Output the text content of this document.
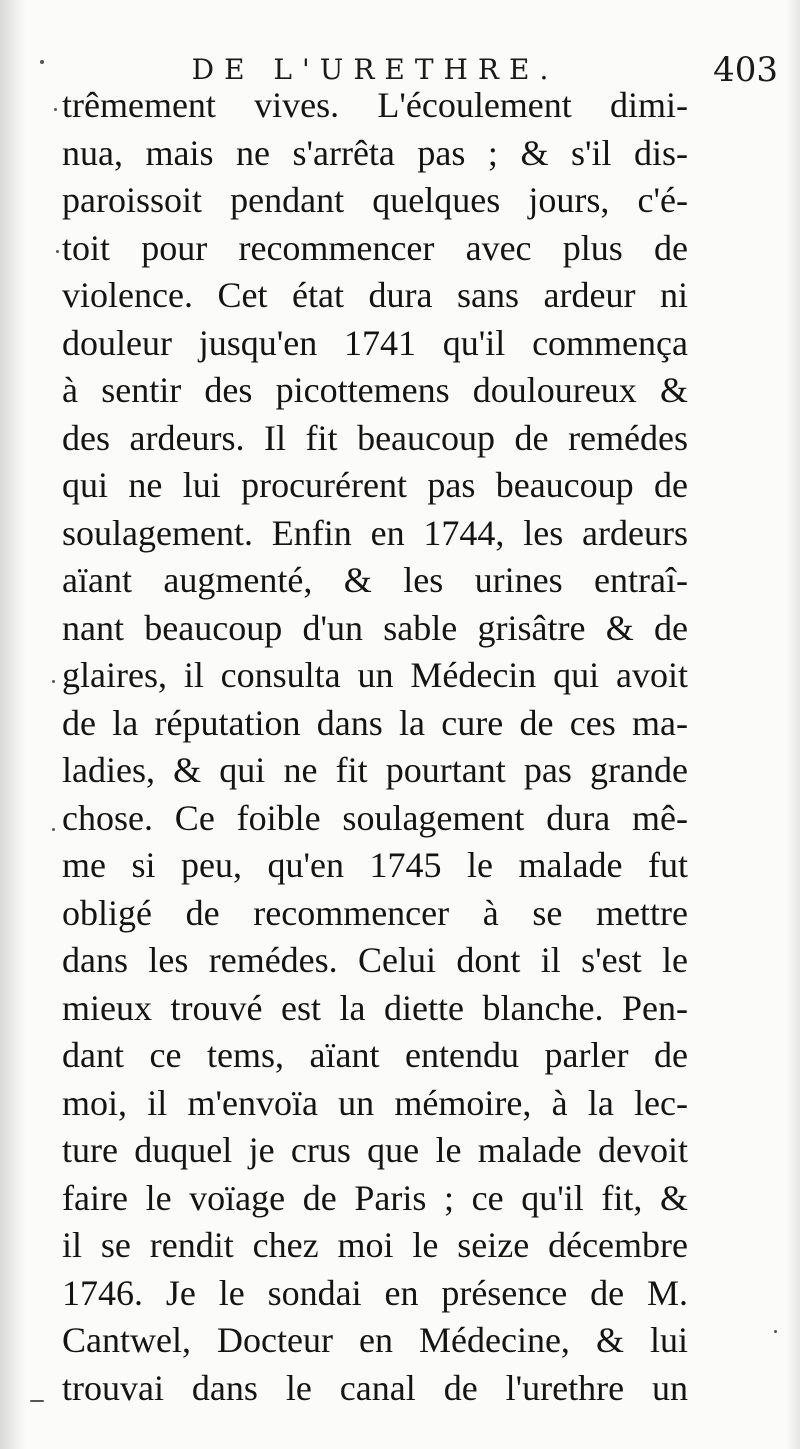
DE L'URETHRE.	403
trêmement vives. L'écoulement dimi-
nua, mais ne s'arrêta pas ; & s'il dis-
paroissoit pendant quelques jours, c'é-
toit pour recommencer avec plus de
violence. Cet état dura sans ardeur ni
douleur jusqu'en 1741 qu'il commença
à sentir des picottemens douloureux &
des ardeurs. Il fit beaucoup de remédes
qui ne lui procurérent pas beaucoup de
soulagement. Enfin en 1744, les ardeurs
aïant augmenté, & les urines entraî-
nant beaucoup d'un sable grisâtre & de
glaires, il consulta un Médecin qui avoit
de la réputation dans la cure de ces ma-
ladies, & qui ne fit pourtant pas grande
chose. Ce foible soulagement dura mê-
me si peu, qu'en 1745 le malade fut
obligé de recommencer à se mettre
dans les remédes. Celui dont il s'est le
mieux trouvé est la diette blanche. Pen-
dant ce tems, aïant entendu parler de
moi, il m'envoïa un mémoire, à la lec-
ture duquel je crus que le malade devoit
faire le voïage de Paris ; ce qu'il fit, &
il se rendit chez moi le seize décembre
1746. Je le sondai en présence de M.
Cantwel, Docteur en Médecine, & lui
trouvai dans le canal de l'urethre un
